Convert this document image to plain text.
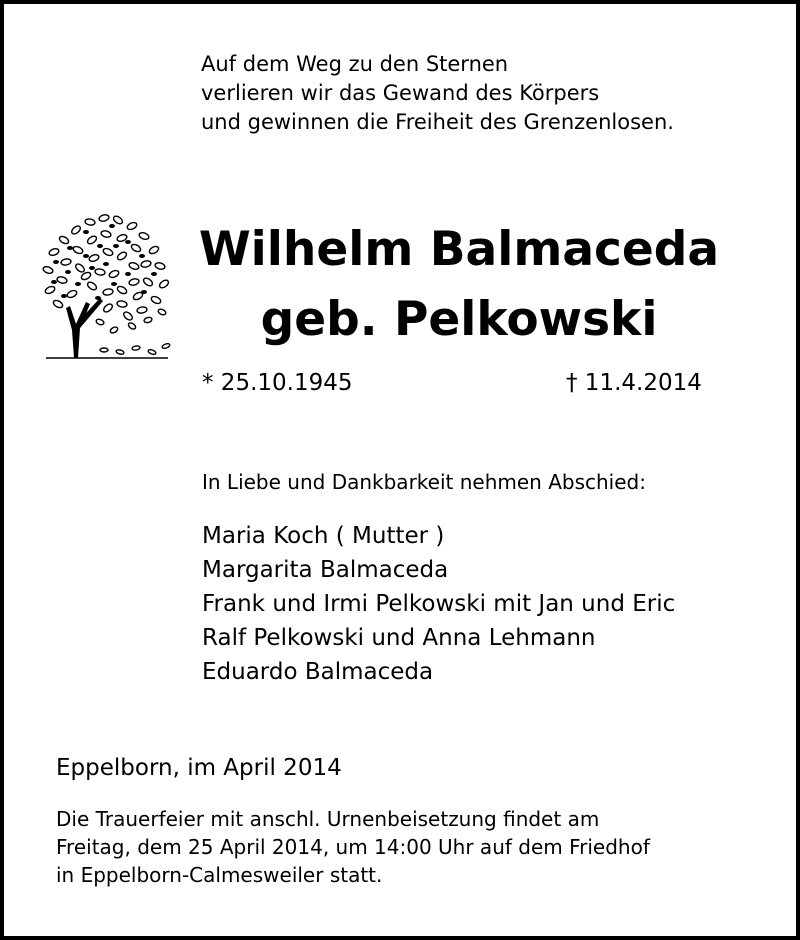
Auf dem Weg zu den Sternen
verlieren wir das Gewand des Körpers
und gewinnen die Freiheit des Grenzenlosen.
Wilhelm Balmaceda
geb. Pelkowski
* 25.10.1945	† 11.4.2014
In Liebe und Dankbarkeit nehmen Abschied:
Maria Koch ( Mutter )
Margarita Balmaceda
Frank und Irmi Pelkowski mit Jan und Eric
Ralf Pelkowski und Anna Lehmann
Eduardo Balmaceda
Eppelborn, im April 2014
Die Trauerfeier mit anschl. Urnenbeisetzung findet am
Freitag, dem 25 April 2014, um 14:00 Uhr auf dem Friedhof
in Eppelborn-Calmesweiler statt.
